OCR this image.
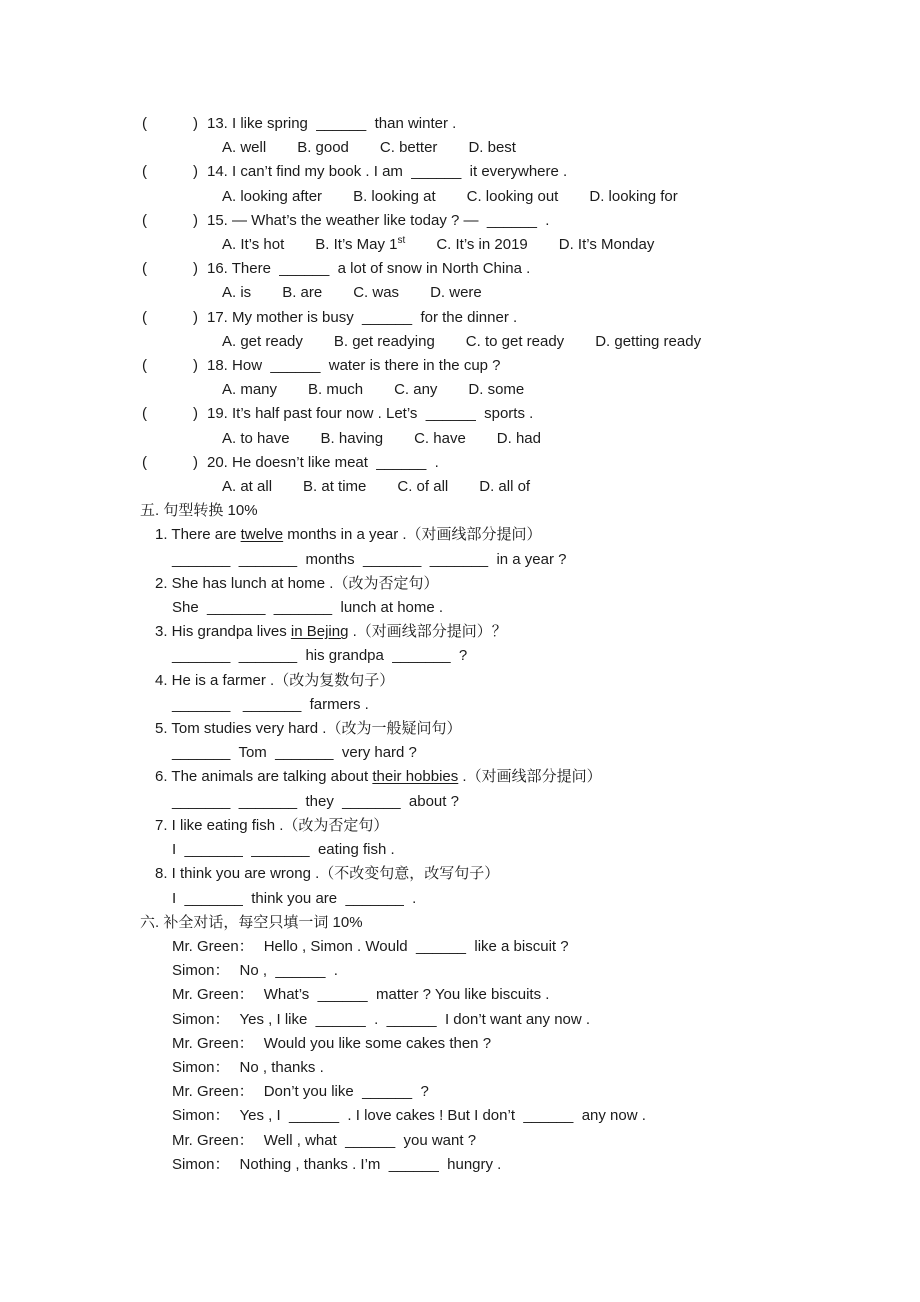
(	) 13. I like spring  ______  than winter .
A. well B. good C. better D. best
(	) 14. I can’t find my book . I am  ______  it everywhere .
A. looking after B. looking at C. looking out D. looking for
(	) 15. — What’s the weather like today ? —  ______  .
A. It’s hot B. It’s May 1st C. It’s in 2019 D. It’s Monday
(	) 16. There  ______  a lot of snow in North China .
A. is B. are C. was D. were
(	) 17. My mother is busy  ______  for the dinner .
A. get ready B. get readying C. to get ready D. getting ready
(	) 18. How  ______  water is there in the cup ?
A. many B. much C. any D. some
(	) 19. It’s half past four now . Let’s  ______  sports .
A. to have B. having C. have D. had
(	) 20. He doesn’t like meat  ______  .
A. at all B. at time C. of all D. all of
五. 句型转换 10%
1. There are twelve months in a year .（对画线部分提问）
_______  _______  months  _______  _______  in a year ?
2. She has lunch at home .（改为否定句）
She  _______  _______  lunch at home .
3. His grandpa lives in Bejing .（对画线部分提问）？
_______  _______  his grandpa  _______  ?
4. He is a farmer .（改为复数句子）
_______   _______  farmers .
5. Tom studies very hard .（改为一般疑问句）
_______  Tom  _______  very hard ?
6. The animals are talking about their hobbies .（对画线部分提问）
_______  _______  they  _______  about ?
7. I like eating fish .（改为否定句）
I  _______  _______  eating fish .
8. I think you are wrong .（不改变句意，改写句子）
I  _______  think you are  _______  .
六. 补全对话，每空只填一词 10%
Mr. Green： Hello , Simon . Would  ______  like a biscuit ?
Simon： No ,  ______  .
Mr. Green： What’s  ______  matter ? You like biscuits .
Simon： Yes , I like  ______  .  ______  I don’t want any now .
Mr. Green： Would you like some cakes then ?
Simon： No , thanks .
Mr. Green： Don’t you like  ______  ?
Simon： Yes , I  ______  . I love cakes ! But I don’t  ______  any now .
Mr. Green： Well , what  ______  you want ?
Simon： Nothing , thanks . I’m  ______  hungry .
